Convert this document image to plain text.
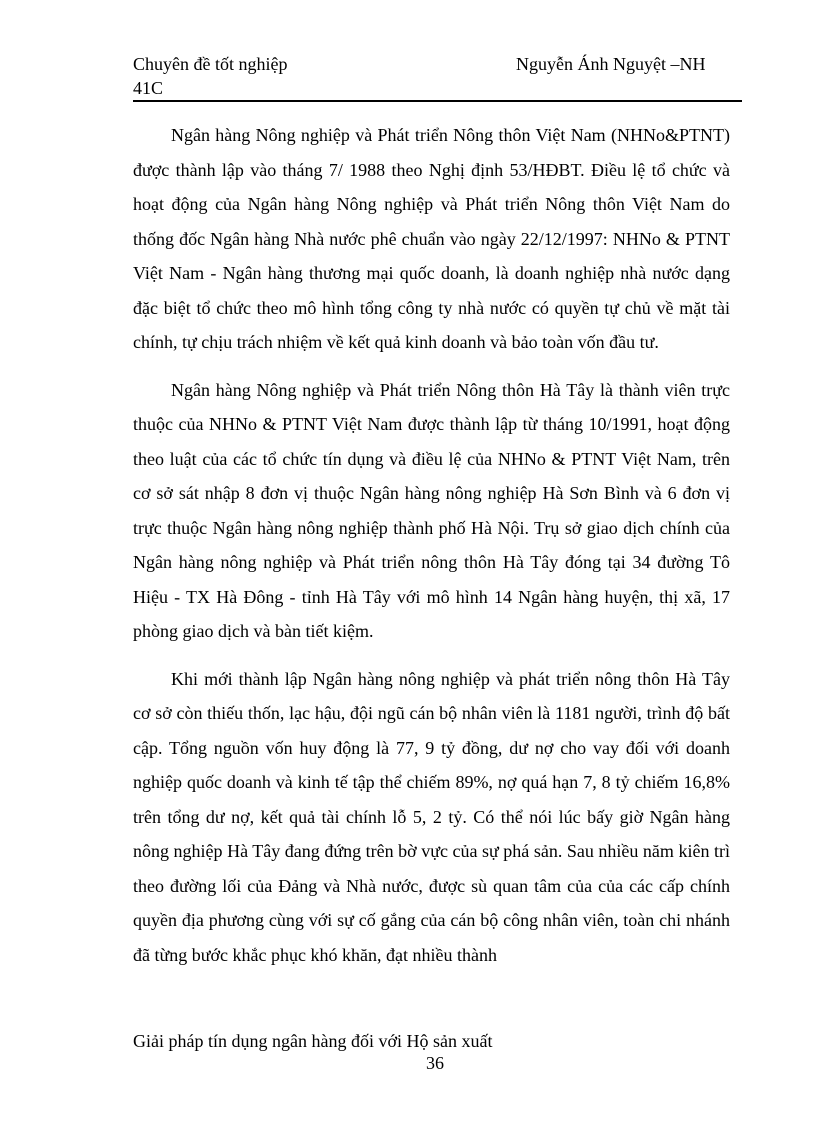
Chuyên đề tốt nghiệp	Nguyễn Ánh Nguyệt –NH
41C

Ngân hàng Nông nghiệp và Phát triển Nông thôn Việt Nam (NHNo&PTNT) được thành lập vào tháng 7/ 1988 theo Nghị định 53/HĐBT. Điều lệ tổ chức và hoạt động của Ngân hàng Nông nghiệp và Phát triển Nông thôn Việt Nam do thống đốc Ngân hàng Nhà nước phê chuẩn vào ngày 22/12/1997: NHNo & PTNT Việt Nam - Ngân hàng thương mại quốc doanh, là doanh nghiệp nhà nước dạng đặc biệt tổ chức theo mô hình tổng công ty nhà nước có quyền tự chủ về mặt tài chính, tự chịu trách nhiệm về kết quả kinh doanh và bảo toàn vốn đầu tư.

Ngân hàng Nông nghiệp và Phát triển Nông thôn Hà Tây là thành viên trực thuộc của NHNo & PTNT Việt Nam được thành lập từ tháng 10/1991, hoạt động theo luật của các tổ chức tín dụng và điều lệ của NHNo & PTNT Việt Nam, trên cơ sở sát nhập 8 đơn vị thuộc Ngân hàng nông nghiệp Hà Sơn Bình và 6 đơn vị trực thuộc Ngân hàng nông nghiệp thành phố Hà Nội. Trụ sở giao dịch chính của Ngân hàng nông nghiệp và Phát triển nông thôn Hà Tây đóng tại 34 đường Tô Hiệu - TX Hà Đông - tỉnh Hà Tây với mô hình 14 Ngân hàng huyện, thị xã, 17 phòng giao dịch và bàn tiết kiệm.

Khi mới thành lập Ngân hàng nông nghiệp và phát triển nông thôn Hà Tây cơ sở còn thiếu thốn, lạc hậu, đội ngũ cán bộ nhân viên là 1181 người, trình độ bất cập. Tổng nguồn vốn huy động là 77, 9 tỷ đồng, dư nợ cho vay đối với doanh nghiệp quốc doanh và kinh tế tập thể chiếm 89%, nợ quá hạn 7, 8 tỷ chiếm 16,8% trên tổng dư nợ, kết quả tài chính lỗ 5, 2 tỷ. Có thể nói lúc bấy giờ Ngân hàng nông nghiệp Hà Tây đang đứng trên bờ vực của sự phá sản. Sau nhiều năm kiên trì theo đường lối của Đảng và Nhà nước, được sù quan tâm của của các cấp chính quyền địa phương cùng với sự cố gắng của cán bộ công nhân viên, toàn chi nhánh đã từng bước khắc phục khó khăn, đạt nhiều thành

Giải pháp tín dụng ngân hàng đối với Hộ sản xuất
36
